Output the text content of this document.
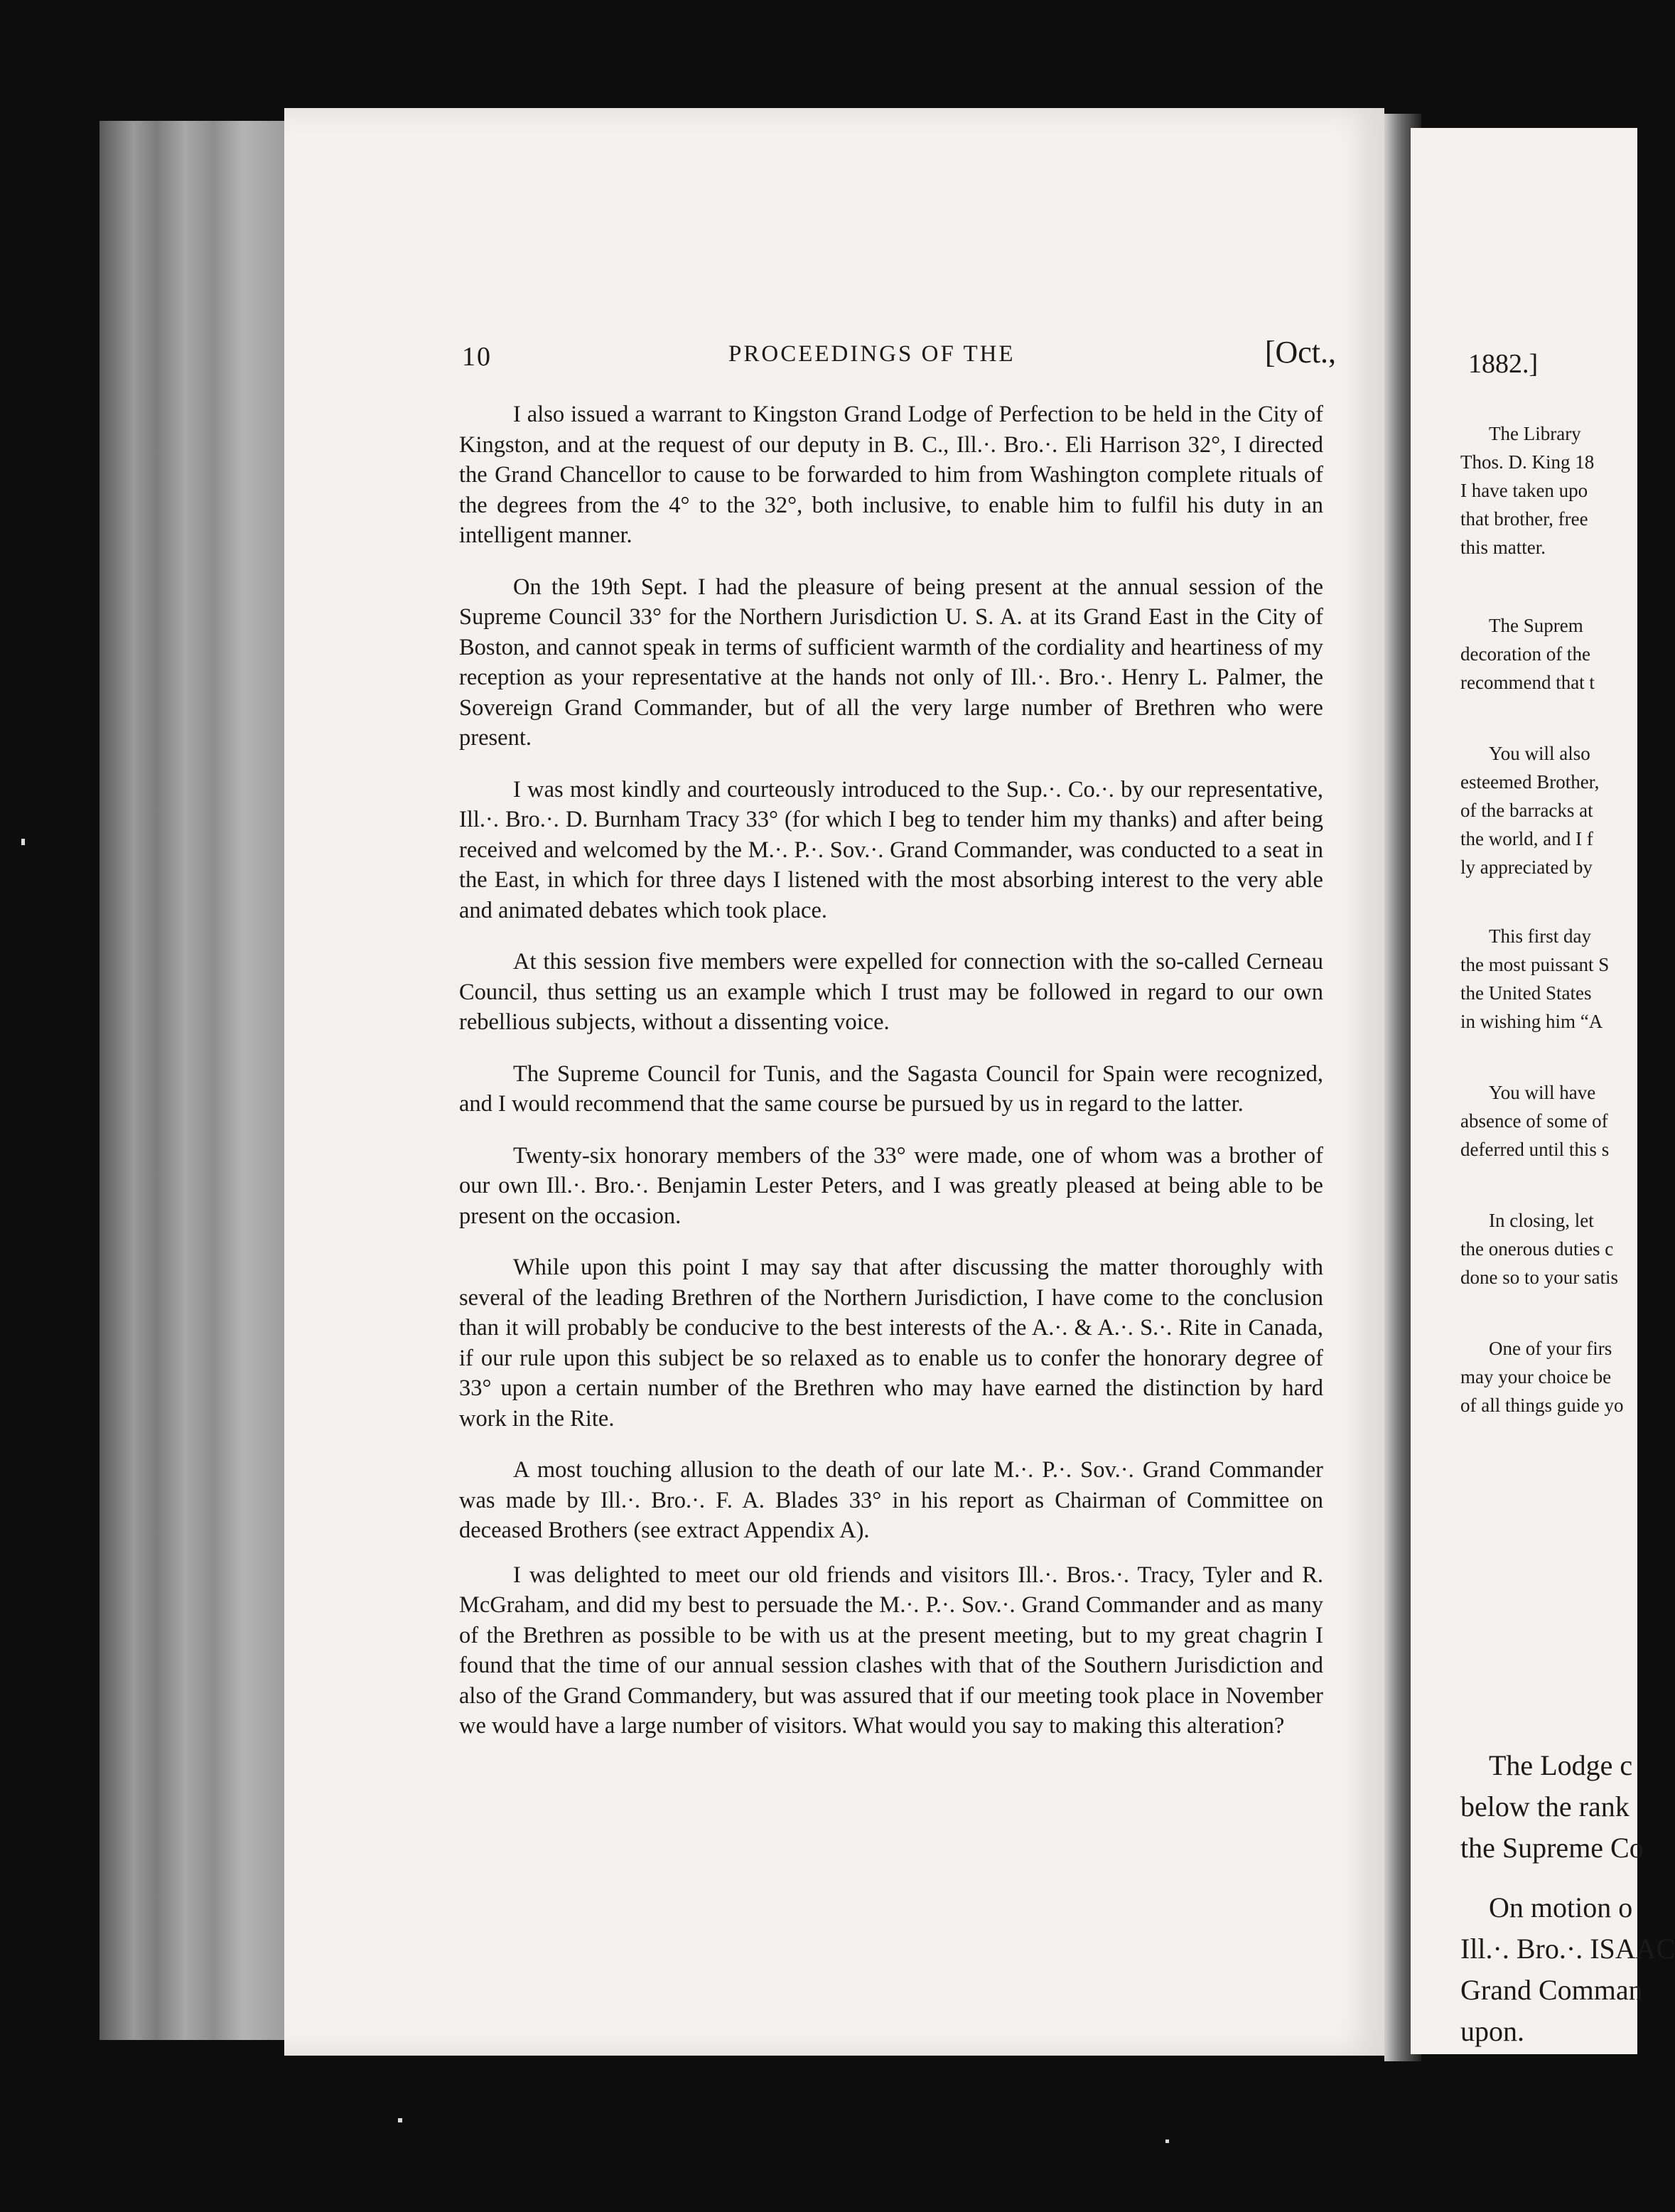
10	PROCEEDINGS OF THE	[Oct.,

I also issued a warrant to Kingston Grand Lodge of Perfection to be held in the City of Kingston, and at the request of our deputy in B. C., Ill.·. Bro.·. Eli Harrison 32°, I directed the Grand Chancellor to cause to be forwarded to him from Washington complete rituals of the degrees from the 4° to the 32°, both inclusive, to enable him to fulfil his duty in an intelligent manner.

On the 19th Sept. I had the pleasure of being present at the annual session of the Supreme Council 33° for the Northern Jurisdiction U. S. A. at its Grand East in the City of Boston, and cannot speak in terms of sufficient warmth of the cordiality and heartiness of my reception as your representative at the hands not only of Ill.·. Bro.·. Henry L. Palmer, the Sovereign Grand Commander, but of all the very large number of Brethren who were present.

I was most kindly and courteously introduced to the Sup.·. Co.·. by our representative, Ill.·. Bro.·. D. Burnham Tracy 33° (for which I beg to tender him my thanks) and after being received and welcomed by the M.·. P.·. Sov.·. Grand Commander, was conducted to a seat in the East, in which for three days I listened with the most absorbing interest to the very able and animated debates which took place.

At this session five members were expelled for connection with the so-called Cerneau Council, thus setting us an example which I trust may be followed in regard to our own rebellious subjects, without a dissenting voice.

The Supreme Council for Tunis, and the Sagasta Council for Spain were recognized, and I would recommend that the same course be pursued by us in regard to the latter.

Twenty-six honorary members of the 33° were made, one of whom was a brother of our own Ill.·. Bro.·. Benjamin Lester Peters, and I was greatly pleased at being able to be present on the occasion.

While upon this point I may say that after discussing the matter thoroughly with several of the leading Brethren of the Northern Jurisdiction, I have come to the conclusion than it will probably be conducive to the best interests of the A.·. & A.·. S.·. Rite in Canada, if our rule upon this subject be so relaxed as to enable us to confer the honorary degree of 33° upon a certain number of the Brethren who may have earned the distinction by hard work in the Rite.

A most touching allusion to the death of our late M.·. P.·. Sov.·. Grand Commander was made by Ill.·. Bro.·. F. A. Blades 33° in his report as Chairman of Committee on deceased Brothers (see extract Appendix A).

I was delighted to meet our old friends and visitors Ill.·. Bros.·. Tracy, Tyler and R. McGraham, and did my best to persuade the M.·. P.·. Sov.·. Grand Commander and as many of the Brethren as possible to be with us at the present meeting, but to my great chagrin I found that the time of our annual session clashes with that of the Southern Jurisdiction and also of the Grand Commandery, but was assured that if our meeting took place in November we would have a large number of visitors. What would you say to making this alteration?

1882.]
The Library
Thos. D. King 18
I have taken upo
that brother, free
this matter.
The Suprem
decoration of the
recommend that t
You will also
esteemed Brother,
of the barracks at
the world, and I f
ly appreciated by
This first day
the most puissant S
the United States
in wishing him “A
You will have
absence of some of
deferred until this s
In closing, let
the onerous duties c
done so to your satis
One of your firs
may your choice be
of all things guide yo
The Lodge c
below the rank
the Supreme Co
On motion o
Ill.·. Bro.·. ISAAC
Grand Comman
upon.
